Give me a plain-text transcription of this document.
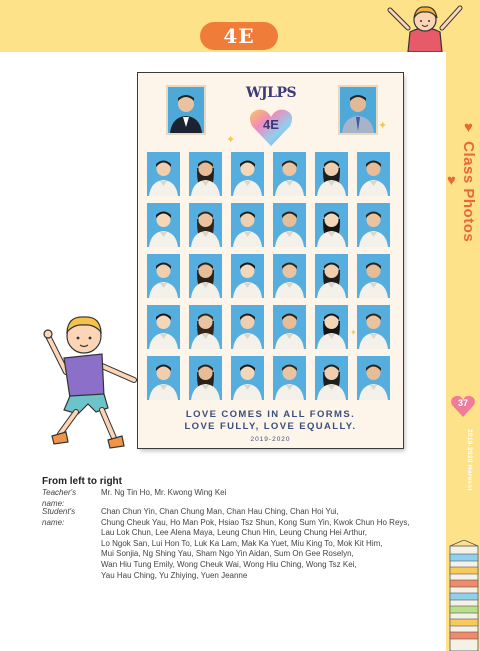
4E
♥ Class Photos ♥
37
2019-2020 Harvest
WJLPS
4E	✦
✦
✦
LOVE COMES IN ALL FORMS.
LOVE FULLY, LOVE EQUALLY.
2019-2020

From left to right

Teacher's name:
Mr. Ng Tin Ho, Mr. Kwong Wing Kei
Student's name:
Chan Chun Yin, Chan Chung Man, Chan Hau Ching, Chan Hoi Yui,
Chung Cheuk Yau, Ho Man Pok, Hsiao Tsz Shun, Kong Sum Yin, Kwok Chun Ho Reys,
Lau Lok Chun, Lee Alena Maya, Leung Chun Hin, Leung Chung Hei Arthur,
Lo Ngok San, Lui Hon To, Luk Ka Lam, Mak Ka Yuet, Miu King To, Mok Kit Him,
Mui Sonjia, Ng Shing Yau, Sham Ngo Yin Aidan, Sum On Gee Roselyn,
Wan Hiu Tung Emily, Wong Cheuk Wai, Wong Hiu Ching, Wong Tsz Kei,
Yau Hau Ching, Yu Zhiying, Yuen Jeanne
